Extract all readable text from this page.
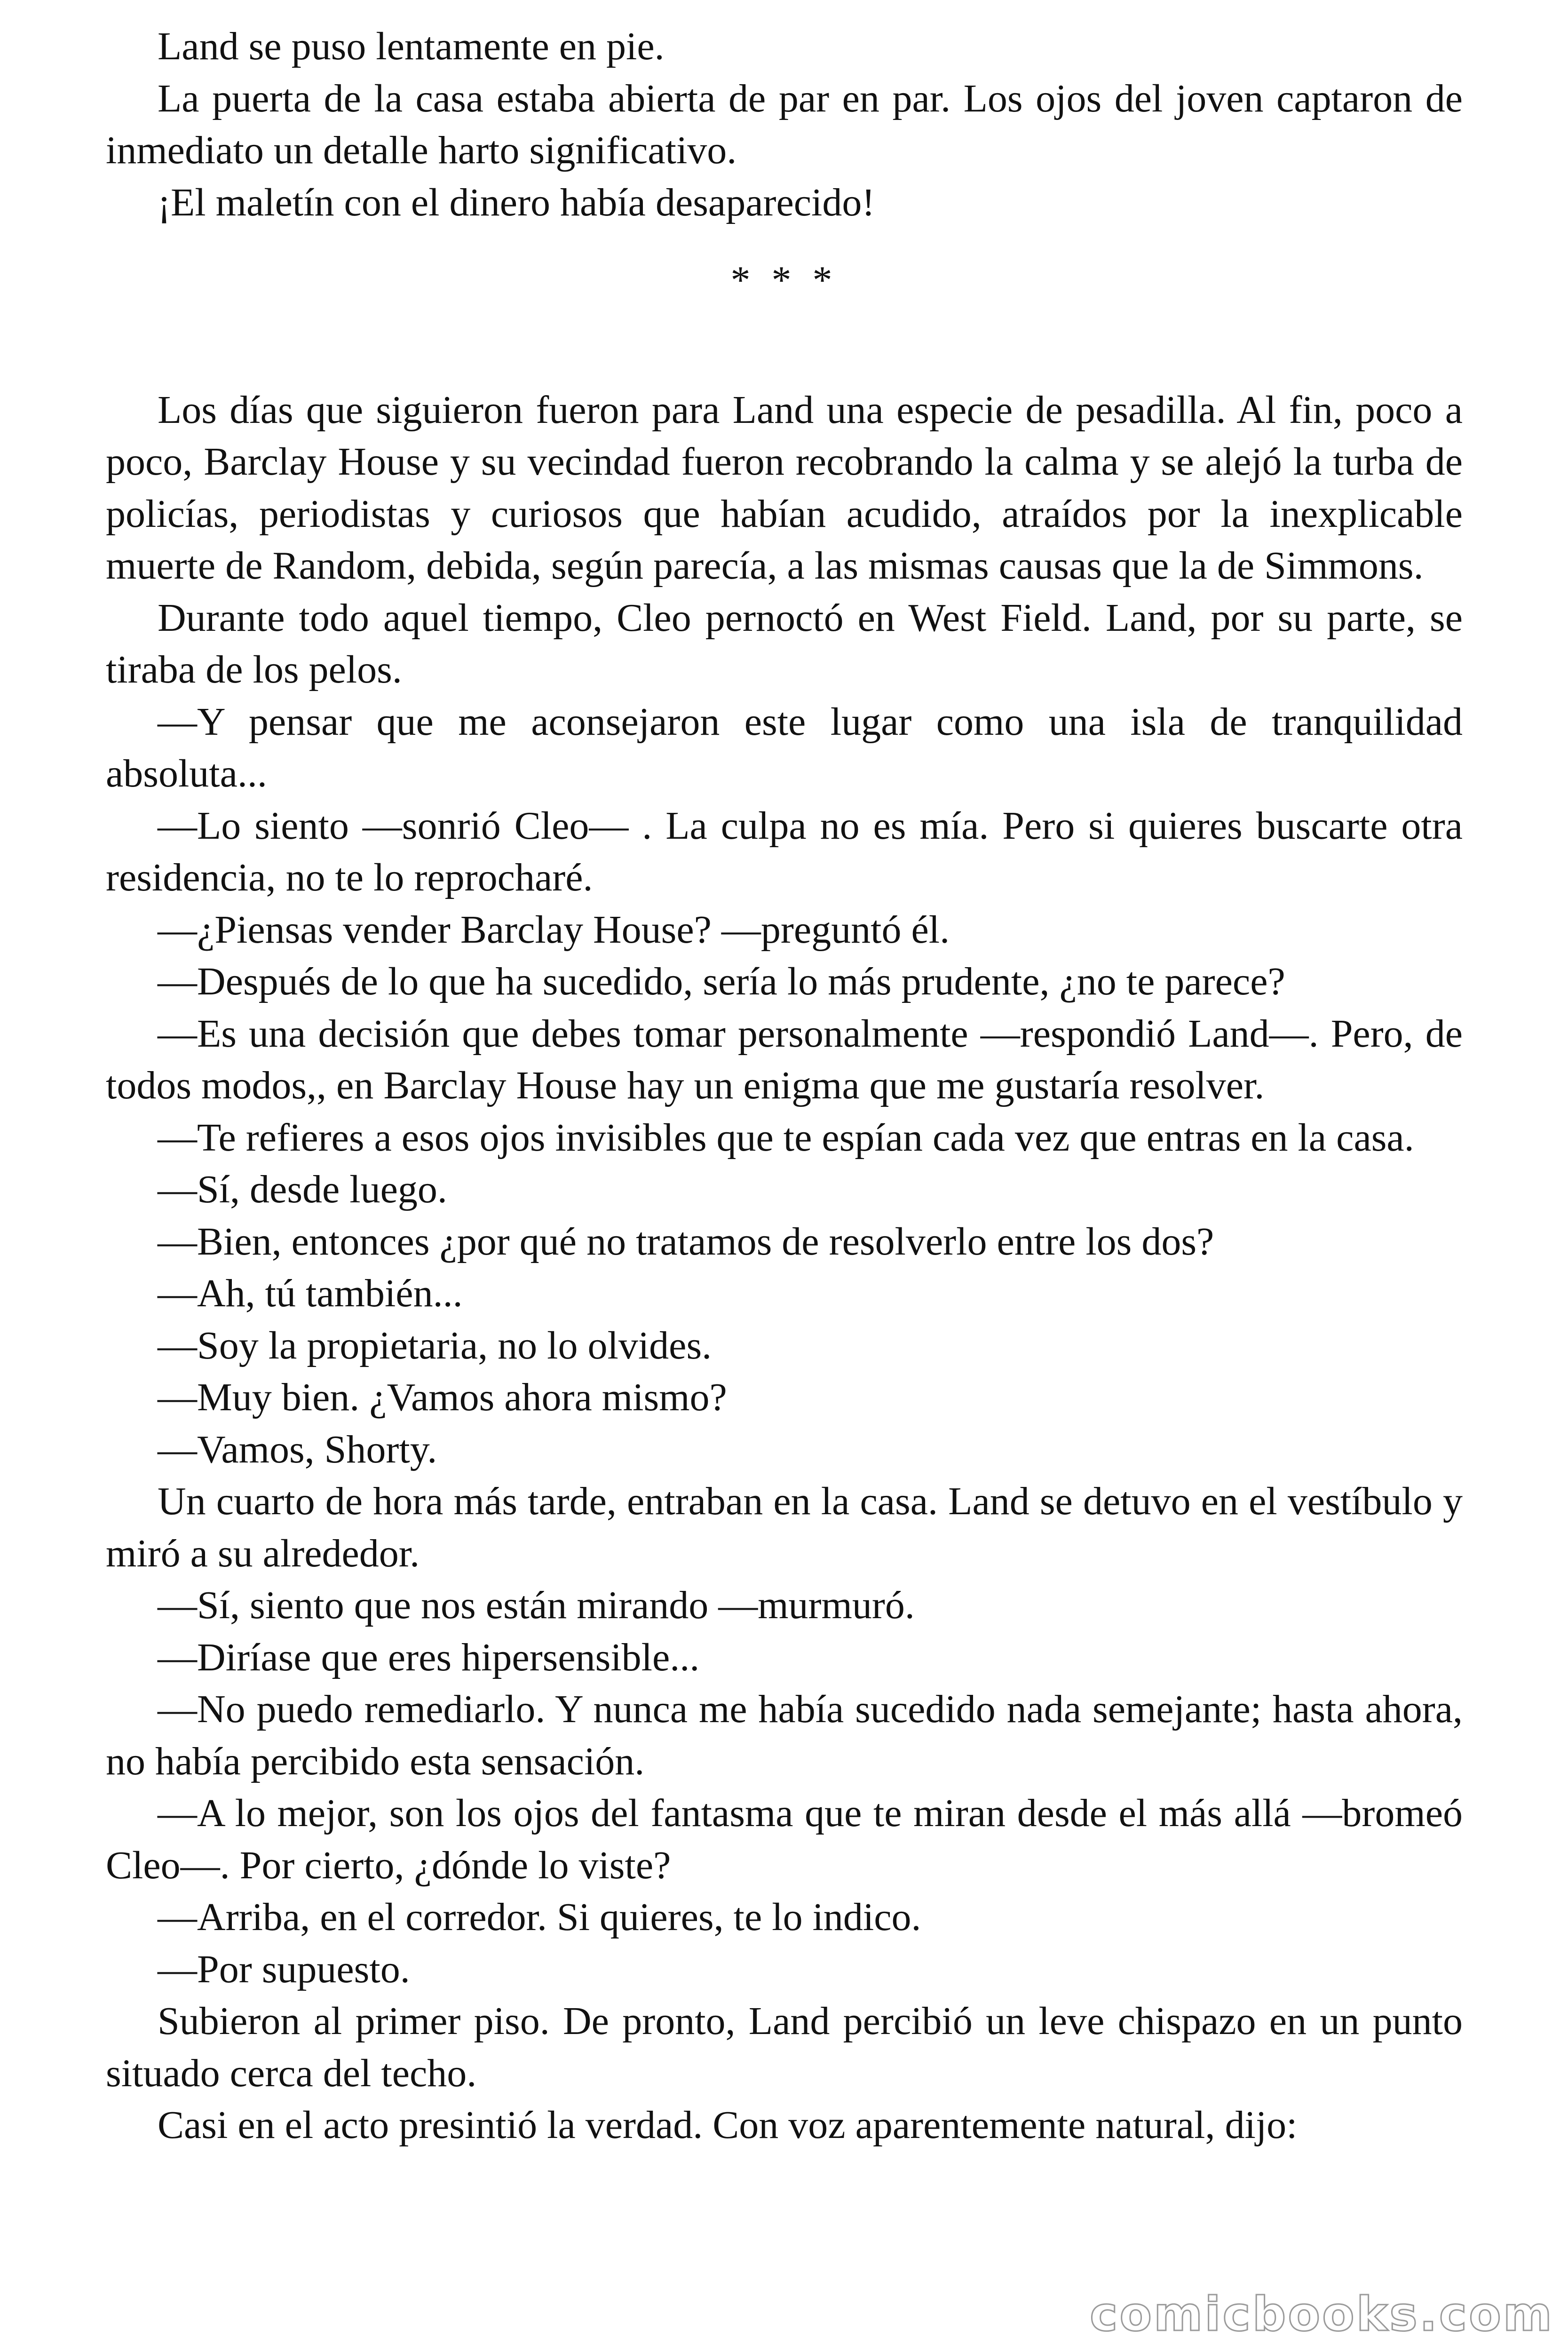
Land se puso lentamente en pie.

La puerta de la casa estaba abierta de par en par. Los ojos del joven captaron de inmediato un detalle harto significativo.

¡El maletín con el dinero había desaparecido!

* * *

Los días que siguieron fueron para Land una especie de pesadilla. Al fin, poco a poco, Barclay House y su vecindad fueron recobrando la calma y se alejó la turba de policías, periodistas y curiosos que habían acudido, atraídos por la inexplicable muerte de Random, debida, según parecía, a las mismas causas que la de Simmons.

Durante todo aquel tiempo, Cleo pernoctó en West Field. Land, por su parte, se tiraba de los pelos.

—Y pensar que me aconsejaron este lugar como una isla de tranquilidad absoluta...

—Lo siento —sonrió Cleo— . La culpa no es mía. Pero si quieres buscarte otra residencia, no te lo reprocharé.

—¿Piensas vender Barclay House? —preguntó él.

—Después de lo que ha sucedido, sería lo más prudente, ¿no te parece?

—Es una decisión que debes tomar personalmente —respondió Land—. Pero, de todos modos,, en Barclay House hay un enigma que me gustaría resolver.

—Te refieres a esos ojos invisibles que te espían cada vez que entras en la casa.

—Sí, desde luego.

—Bien, entonces ¿por qué no tratamos de resolverlo entre los dos?

—Ah, tú también...

—Soy la propietaria, no lo olvides.

—Muy bien. ¿Vamos ahora mismo?

—Vamos, Shorty.

Un cuarto de hora más tarde, entraban en la casa. Land se detuvo en el vestíbulo y miró a su alrededor.

—Sí, siento que nos están mirando —murmuró.

—Diríase que eres hipersensible...

—No puedo remediarlo. Y nunca me había sucedido nada semejante; hasta ahora, no había percibido esta sensación.

—A lo mejor, son los ojos del fantasma que te miran desde el más allá —bromeó Cleo—. Por cierto, ¿dónde lo viste?

—Arriba, en el corredor. Si quieres, te lo indico.

—Por supuesto.

Subieron al primer piso. De pronto, Land percibió un leve chispazo en un punto situado cerca del techo.

Casi en el acto presintió la verdad. Con voz aparentemente natural, dijo:

comicbooks.com
